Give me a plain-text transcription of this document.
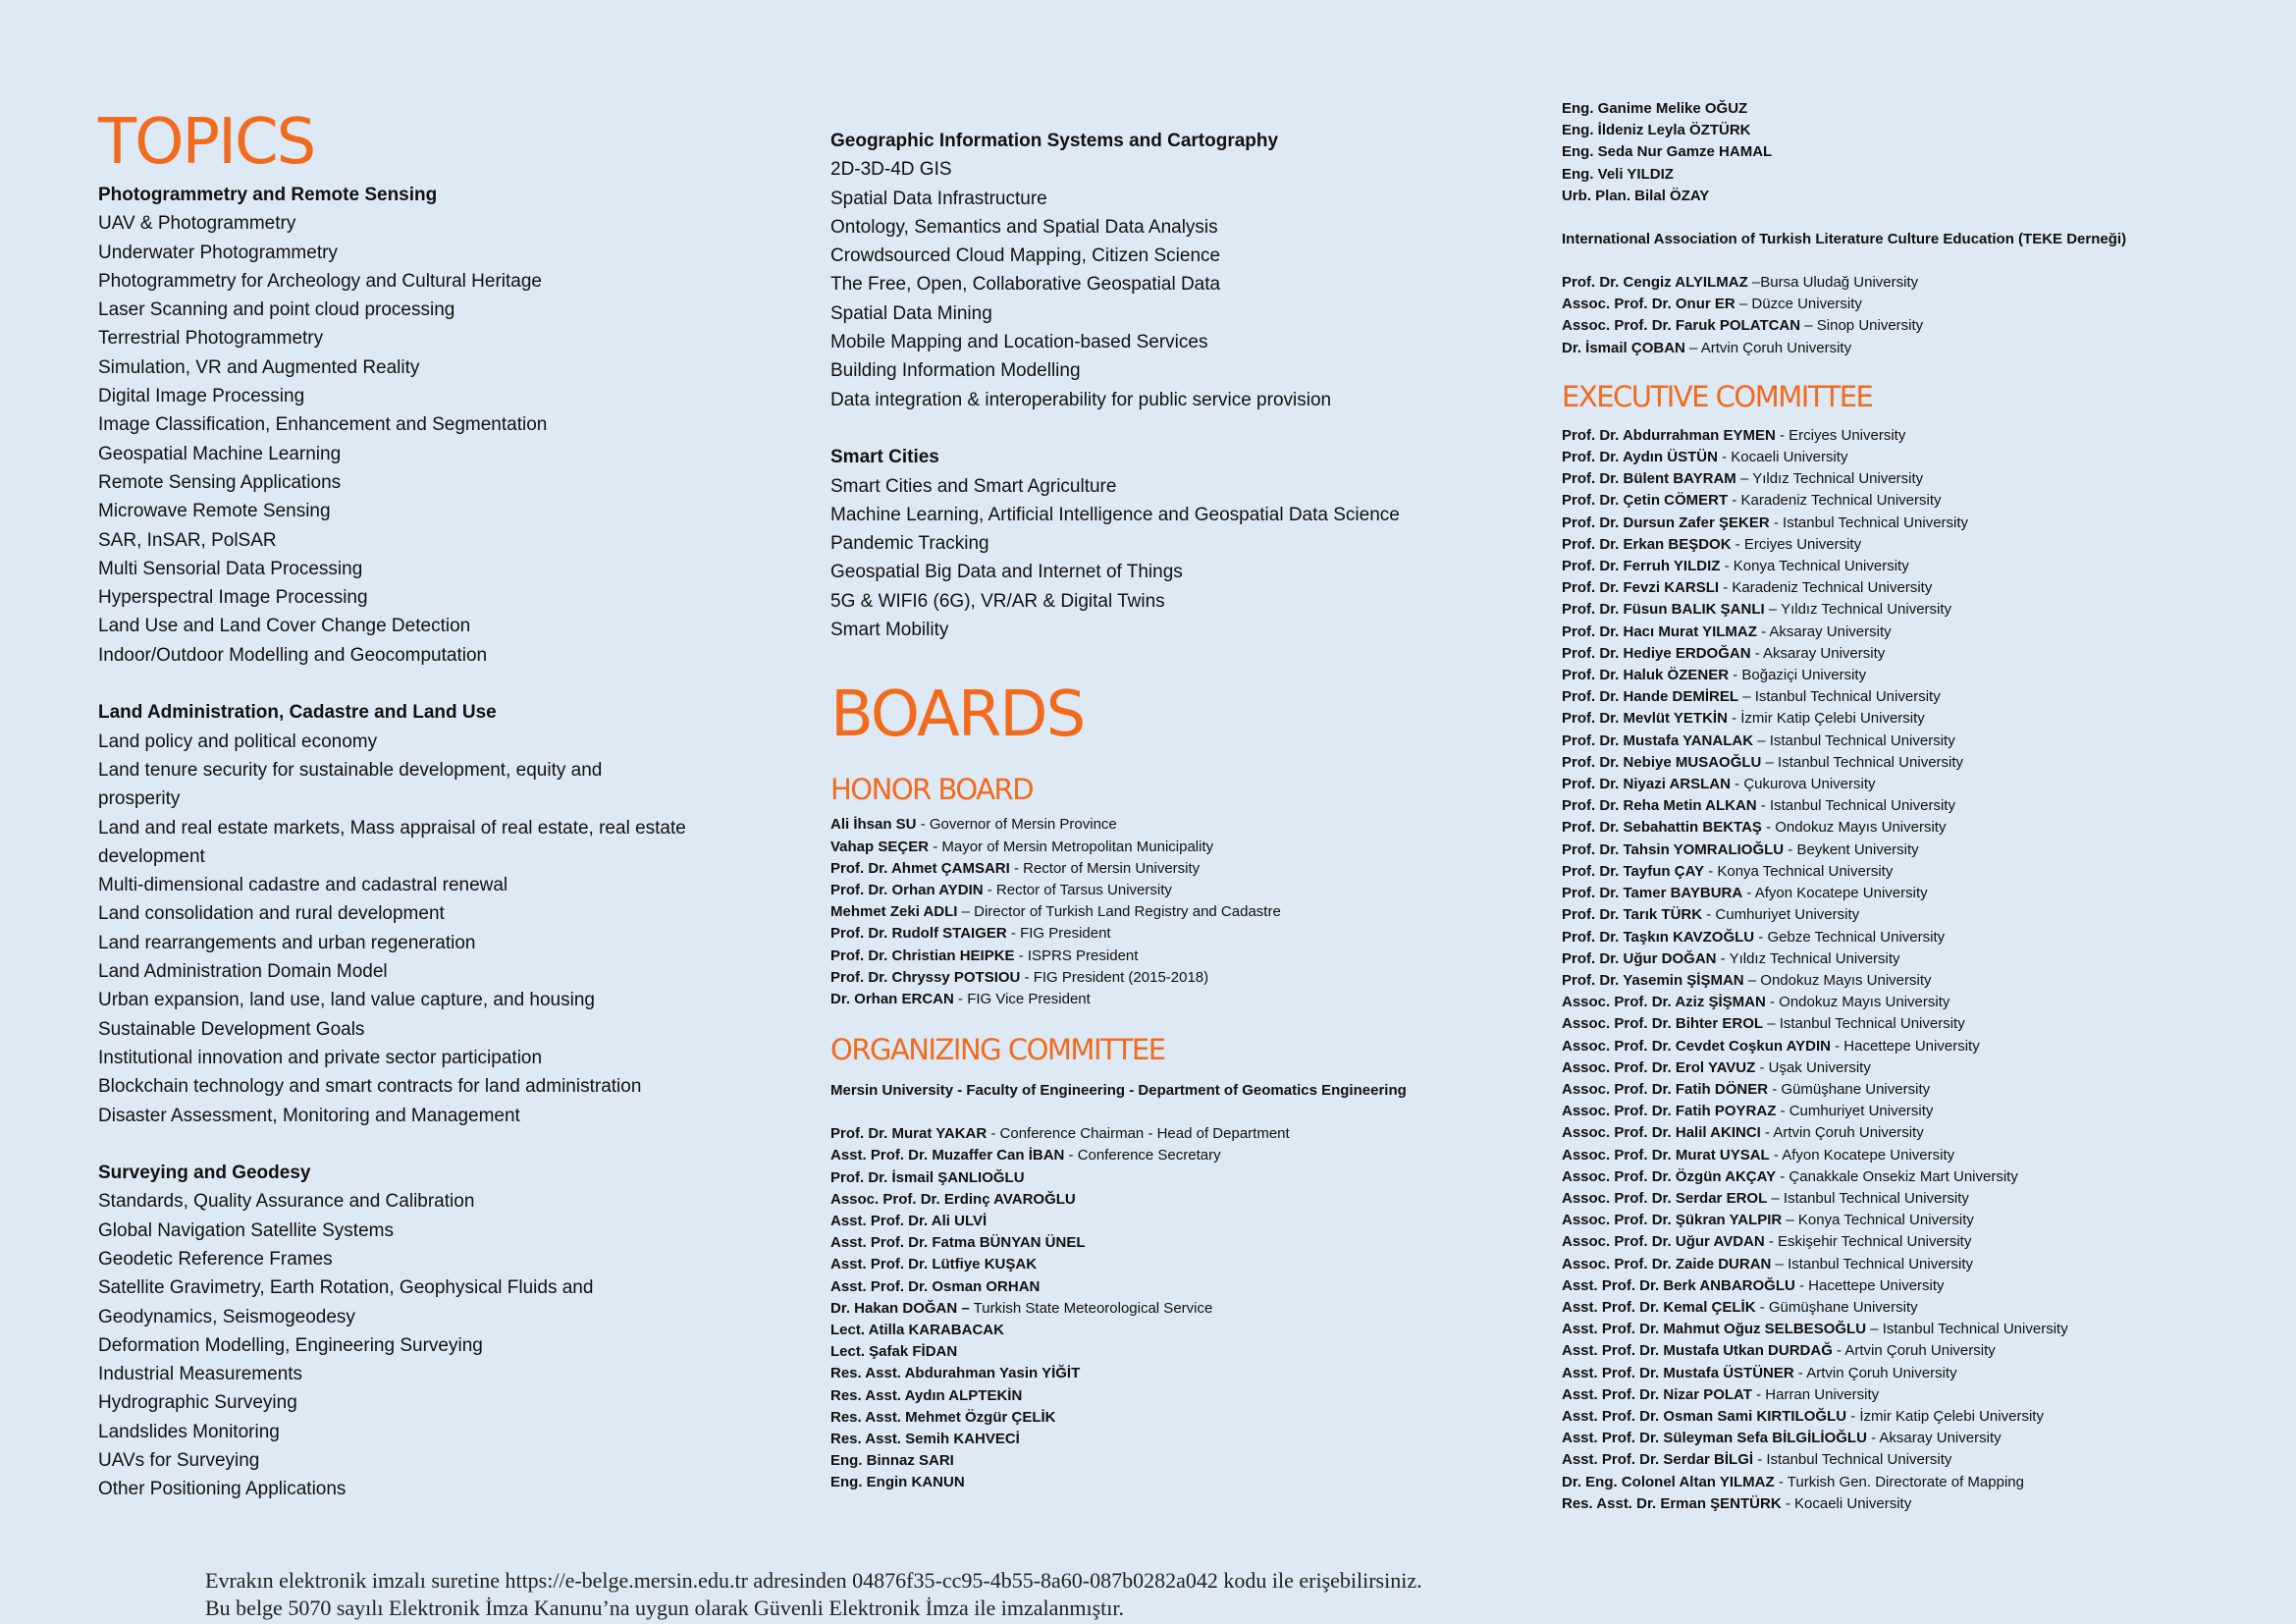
TOPICS
Photogrammetry and Remote Sensing
UAV & Photogrammetry
Underwater Photogrammetry
Photogrammetry for Archeology and Cultural Heritage
Laser Scanning and point cloud processing
Terrestrial Photogrammetry
Simulation, VR and Augmented Reality
Digital Image Processing
Image Classification, Enhancement and Segmentation
Geospatial Machine Learning
Remote Sensing Applications
Microwave Remote Sensing
SAR, InSAR, PolSAR
Multi Sensorial Data Processing
Hyperspectral Image Processing
Land Use and Land Cover Change Detection
Indoor/Outdoor Modelling and Geocomputation
Land Administration, Cadastre and Land Use
Land policy and political economy
Land tenure security for sustainable development, equity and
prosperity
Land and real estate markets, Mass appraisal of real estate, real estate
development
Multi-dimensional cadastre and cadastral renewal
Land consolidation and rural development
Land rearrangements and urban regeneration
Land Administration Domain Model
Urban expansion, land use, land value capture, and housing
Sustainable Development Goals
Institutional innovation and private sector participation
Blockchain technology and smart contracts for land administration
Disaster Assessment, Monitoring and Management
Surveying and Geodesy
Standards, Quality Assurance and Calibration
Global Navigation Satellite Systems
Geodetic Reference Frames
Satellite Gravimetry, Earth Rotation, Geophysical Fluids and
Geodynamics, Seismogeodesy
Deformation Modelling, Engineering Surveying
Industrial Measurements
Hydrographic Surveying
Landslides Monitoring
UAVs for Surveying
Other Positioning Applications
Geographic Information Systems and Cartography
2D-3D-4D GIS
Spatial Data Infrastructure
Ontology, Semantics and Spatial Data Analysis
Crowdsourced Cloud Mapping, Citizen Science
The Free, Open, Collaborative Geospatial Data
Spatial Data Mining
Mobile Mapping and Location-based Services
Building Information Modelling
Data integration & interoperability for public service provision
Smart Cities
Smart Cities and Smart Agriculture
Machine Learning, Artificial Intelligence and Geospatial Data Science
Pandemic Tracking
Geospatial Big Data and Internet of Things
5G & WIFI6 (6G), VR/AR & Digital Twins
Smart Mobility
BOARDS
HONOR BOARD
Ali İhsan SU - Governor of Mersin Province
Vahap SEÇER - Mayor of Mersin Metropolitan Municipality
Prof. Dr. Ahmet ÇAMSARI - Rector of Mersin University
Prof. Dr. Orhan AYDIN - Rector of Tarsus University
Mehmet Zeki ADLI – Director of Turkish Land Registry and Cadastre
Prof. Dr. Rudolf STAIGER - FIG President
Prof. Dr. Christian HEIPKE - ISPRS President
Prof. Dr. Chryssy POTSIOU - FIG President (2015-2018)
Dr. Orhan ERCAN - FIG Vice President
ORGANIZING COMMITTEE
Mersin University - Faculty of Engineering - Department of Geomatics Engineering
Prof. Dr. Murat YAKAR - Conference Chairman - Head of Department
Asst. Prof. Dr. Muzaffer Can İBAN - Conference Secretary
Prof. Dr. İsmail ŞANLIOĞLU
Assoc. Prof. Dr. Erdinç AVAROĞLU
Asst. Prof. Dr. Ali ULVİ
Asst. Prof. Dr. Fatma BÜNYAN ÜNEL
Asst. Prof. Dr. Lütfiye KUŞAK
Asst. Prof. Dr. Osman ORHAN
Dr. Hakan DOĞAN – Turkish State Meteorological Service
Lect. Atilla KARABACAK
Lect. Şafak FİDAN
Res. Asst. Abdurahman Yasin YİĞİT
Res. Asst. Aydın ALPTEKİN
Res. Asst. Mehmet Özgür ÇELİK
Res. Asst. Semih KAHVECİ
Eng. Binnaz SARI
Eng. Engin KANUN
Eng. Ganime Melike OĞUZ
Eng. İldeniz Leyla ÖZTÜRK
Eng. Seda Nur Gamze HAMAL
Eng. Veli YILDIZ
Urb. Plan. Bilal ÖZAY
International Association of Turkish Literature Culture Education (TEKE Derneği)
Prof. Dr. Cengiz ALYILMAZ –Bursa Uludağ University
Assoc. Prof. Dr. Onur ER – Düzce University
Assoc. Prof. Dr. Faruk POLATCAN – Sinop University
Dr. İsmail ÇOBAN – Artvin Çoruh University
EXECUTIVE COMMITTEE
Prof. Dr. Abdurrahman EYMEN - Erciyes University
Prof. Dr. Aydın ÜSTÜN - Kocaeli University
Prof. Dr. Bülent BAYRAM – Yıldız Technical University
Prof. Dr. Çetin CÖMERT - Karadeniz Technical University
Prof. Dr. Dursun Zafer ŞEKER - Istanbul Technical University
Prof. Dr. Erkan BEŞDOK - Erciyes University
Prof. Dr. Ferruh YILDIZ - Konya Technical University
Prof. Dr. Fevzi KARSLI - Karadeniz Technical University
Prof. Dr. Füsun BALIK ŞANLI – Yıldız Technical University
Prof. Dr. Hacı Murat YILMAZ - Aksaray University
Prof. Dr. Hediye ERDOĞAN - Aksaray University
Prof. Dr. Haluk ÖZENER - Boğaziçi University
Prof. Dr. Hande DEMİREL – Istanbul Technical University
Prof. Dr. Mevlüt YETKİN - İzmir Katip Çelebi University
Prof. Dr. Mustafa YANALAK – Istanbul Technical University
Prof. Dr. Nebiye MUSAOĞLU – Istanbul Technical University
Prof. Dr. Niyazi ARSLAN - Çukurova University
Prof. Dr. Reha Metin ALKAN - Istanbul Technical University
Prof. Dr. Sebahattin BEKTAŞ - Ondokuz Mayıs University
Prof. Dr. Tahsin YOMRALIOĞLU - Beykent University
Prof. Dr. Tayfun ÇAY - Konya Technical University
Prof. Dr. Tamer BAYBURA - Afyon Kocatepe University
Prof. Dr. Tarık TÜRK - Cumhuriyet University
Prof. Dr. Taşkın KAVZOĞLU - Gebze Technical University
Prof. Dr. Uğur DOĞAN - Yıldız Technical University
Prof. Dr. Yasemin ŞİŞMAN – Ondokuz Mayıs University
Assoc. Prof. Dr. Aziz ŞİŞMAN - Ondokuz Mayıs University
Assoc. Prof. Dr. Bihter EROL – Istanbul Technical University
Assoc. Prof. Dr. Cevdet Coşkun AYDIN - Hacettepe University
Assoc. Prof. Dr. Erol YAVUZ - Uşak University
Assoc. Prof. Dr. Fatih DÖNER - Gümüşhane University
Assoc. Prof. Dr. Fatih POYRAZ - Cumhuriyet University
Assoc. Prof. Dr. Halil AKINCI - Artvin Çoruh University
Assoc. Prof. Dr. Murat UYSAL - Afyon Kocatepe University
Assoc. Prof. Dr. Özgün AKÇAY - Çanakkale Onsekiz Mart University
Assoc. Prof. Dr. Serdar EROL – Istanbul Technical University
Assoc. Prof. Dr. Şükran YALPIR – Konya Technical University
Assoc. Prof. Dr. Uğur AVDAN - Eskişehir Technical University
Assoc. Prof. Dr. Zaide DURAN – Istanbul Technical University
Asst. Prof. Dr. Berk ANBAROĞLU - Hacettepe University
Asst. Prof. Dr. Kemal ÇELİK - Gümüşhane University
Asst. Prof. Dr. Mahmut Oğuz SELBESOĞLU – Istanbul Technical University
Asst. Prof. Dr. Mustafa Utkan DURDAĞ - Artvin Çoruh University
Asst. Prof. Dr. Mustafa ÜSTÜNER - Artvin Çoruh University
Asst. Prof. Dr. Nizar POLAT - Harran University
Asst. Prof. Dr. Osman Sami KIRTILOĞLU - İzmir Katip Çelebi University
Asst. Prof. Dr. Süleyman Sefa BİLGİLİOĞLU - Aksaray University
Asst. Prof. Dr. Serdar BİLGİ - Istanbul Technical University
Dr. Eng. Colonel Altan YILMAZ - Turkish Gen. Directorate of Mapping
Res. Asst. Dr. Erman ŞENTÜRK - Kocaeli University
Evrakın elektronik imzalı suretine https://e-belge.mersin.edu.tr adresinden 04876f35-cc95-4b55-8a60-087b0282a042 kodu ile erişebilirsiniz.
Bu belge 5070 sayılı Elektronik İmza Kanunu’na uygun olarak Güvenli Elektronik İmza ile imzalanmıştır.
